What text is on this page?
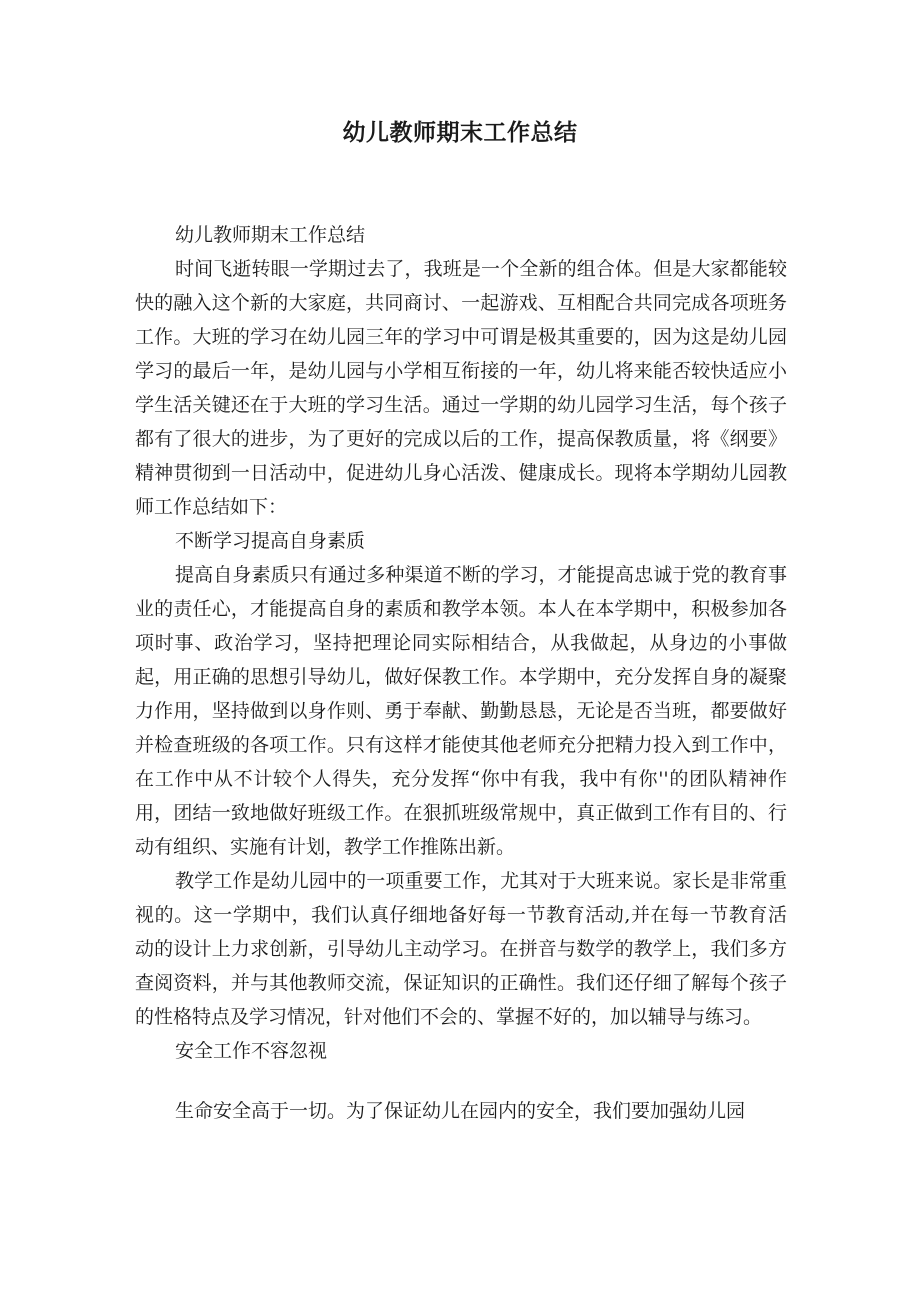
幼儿教师期末工作总结

幼儿教师期末工作总结

时间飞逝转眼一学期过去了，我班是一个全新的组合体。但是大家都能较快的融入这个新的大家庭，共同商讨、一起游戏、互相配合共同完成各项班务工作。大班的学习在幼儿园三年的学习中可谓是极其重要的，因为这是幼儿园学习的最后一年，是幼儿园与小学相互衔接的一年，幼儿将来能否较快适应小学生活关键还在于大班的学习生活。通过一学期的幼儿园学习生活，每个孩子都有了很大的进步，为了更好的完成以后的工作，提高保教质量，将《纲要》精神贯彻到一日活动中，促进幼儿身心活泼、健康成长。现将本学期幼儿园教师工作总结如下：

不断学习提高自身素质

提高自身素质只有通过多种渠道不断的学习，才能提高忠诚于党的教育事业的责任心，才能提高自身的素质和教学本领。本人在本学期中，积极参加各项时事、政治学习，坚持把理论同实际相结合，从我做起，从身边的小事做起，用正确的思想引导幼儿，做好保教工作。本学期中，充分发挥自身的凝聚力作用，坚持做到以身作则、勇于奉献、勤勤恳恳，无论是否当班，都要做好并检查班级的各项工作。只有这样才能使其他老师充分把精力投入到工作中，在工作中从不计较个人得失，充分发挥“你中有我，我中有你''的团队精神作用，团结一致地做好班级工作。在狠抓班级常规中，真正做到工作有目的、行动有组织、实施有计划，教学工作推陈出新。

教学工作是幼儿园中的一项重要工作，尤其对于大班来说。家长是非常重视的。这一学期中，我们认真仔细地备好每一节教育活动,并在每一节教育活动的设计上力求创新，引导幼儿主动学习。在拼音与数学的教学上，我们多方查阅资料，并与其他教师交流，保证知识的正确性。我们还仔细了解每个孩子的性格特点及学习情况，针对他们不会的、掌握不好的，加以辅导与练习。

安全工作不容忽视

生命安全高于一切。为了保证幼儿在园内的安全，我们要加强幼儿园
